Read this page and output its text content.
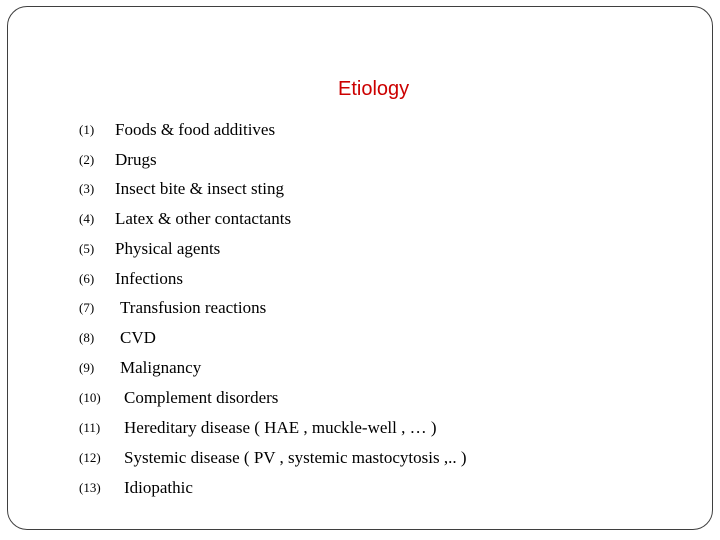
Etiology
(1) Foods & food additives
(2) Drugs
(3) Insect bite & insect sting
(4) Latex & other contactants
(5) Physical agents
(6) Infections
(7) Transfusion reactions
(8) CVD
(9) Malignancy
(10) Complement disorders
(11) Hereditary disease ( HAE , muckle-well , … )
(12) Systemic disease ( PV , systemic mastocytosis ,.. )
(13) Idiopathic
